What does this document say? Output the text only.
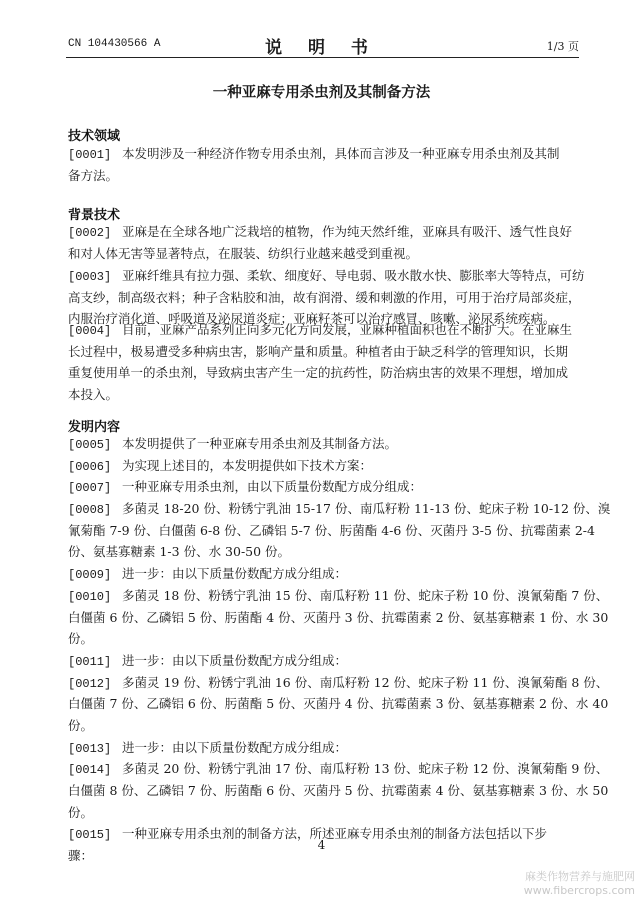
CN 104430566 A	说 明 书	1/3 页
一种亚麻专用杀虫剂及其制备方法
技术领域
[0001] 本发明涉及一种经济作物专用杀虫剂，具体而言涉及一种亚麻专用杀虫剂及其制
备方法。
背景技术
[0002] 亚麻是在全球各地广泛栽培的植物，作为纯天然纤维，亚麻具有吸汗、透气性良好
和对人体无害等显著特点，在服装、纺织行业越来越受到重视。
[0003] 亚麻纤维具有拉力强、柔软、细度好、导电弱、吸水散水快、膨胀率大等特点，可纺
高支纱，制高级衣料；种子含粘胶和油，故有润滑、缓和刺激的作用，可用于治疗局部炎症，
内服治疗消化道、呼吸道及泌尿道炎症；亚麻籽茶可以治疗感冒、咳嗽、泌尿系统疾病。
[0004] 目前，亚麻产品系列正向多元化方向发展，亚麻种植面积也在不断扩大。在亚麻生
长过程中，极易遭受多种病虫害，影响产量和质量。种植者由于缺乏科学的管理知识，长期
重复使用单一的杀虫剂，导致病虫害产生一定的抗药性，防治病虫害的效果不理想，增加成
本投入。
发明内容
[0005] 本发明提供了一种亚麻专用杀虫剂及其制备方法。
[0006] 为实现上述目的，本发明提供如下技术方案：
[0007] 一种亚麻专用杀虫剂，由以下质量份数配方成分组成：
[0008] 多菌灵 18-20 份、粉锈宁乳油 15-17 份、南瓜籽粉 11-13 份、蛇床子粉 10-12 份、溴
氰菊酯 7-9 份、白僵菌 6-8 份、乙磷铝 5-7 份、肟菌酯 4-6 份、灭菌丹 3-5 份、抗霉菌素 2-4
份、氨基寡糖素 1-3 份、水 30-50 份。
[0009] 进一步：由以下质量份数配方成分组成：
[0010] 多菌灵 18 份、粉锈宁乳油 15 份、南瓜籽粉 11 份、蛇床子粉 10 份、溴氰菊酯 7 份、
白僵菌 6 份、乙磷铝 5 份、肟菌酯 4 份、灭菌丹 3 份、抗霉菌素 2 份、氨基寡糖素 1 份、水 30
份。
[0011] 进一步：由以下质量份数配方成分组成：
[0012] 多菌灵 19 份、粉锈宁乳油 16 份、南瓜籽粉 12 份、蛇床子粉 11 份、溴氰菊酯 8 份、
白僵菌 7 份、乙磷铝 6 份、肟菌酯 5 份、灭菌丹 4 份、抗霉菌素 3 份、氨基寡糖素 2 份、水 40
份。
[0013] 进一步：由以下质量份数配方成分组成：
[0014] 多菌灵 20 份、粉锈宁乳油 17 份、南瓜籽粉 13 份、蛇床子粉 12 份、溴氰菊酯 9 份、
白僵菌 8 份、乙磷铝 7 份、肟菌酯 6 份、灭菌丹 5 份、抗霉菌素 4 份、氨基寡糖素 3 份、水 50
份。
[0015] 一种亚麻专用杀虫剂的制备方法，所述亚麻专用杀虫剂的制备方法包括以下步
骤：
4
麻类作物营养与施肥网
www.fibercrops.com
